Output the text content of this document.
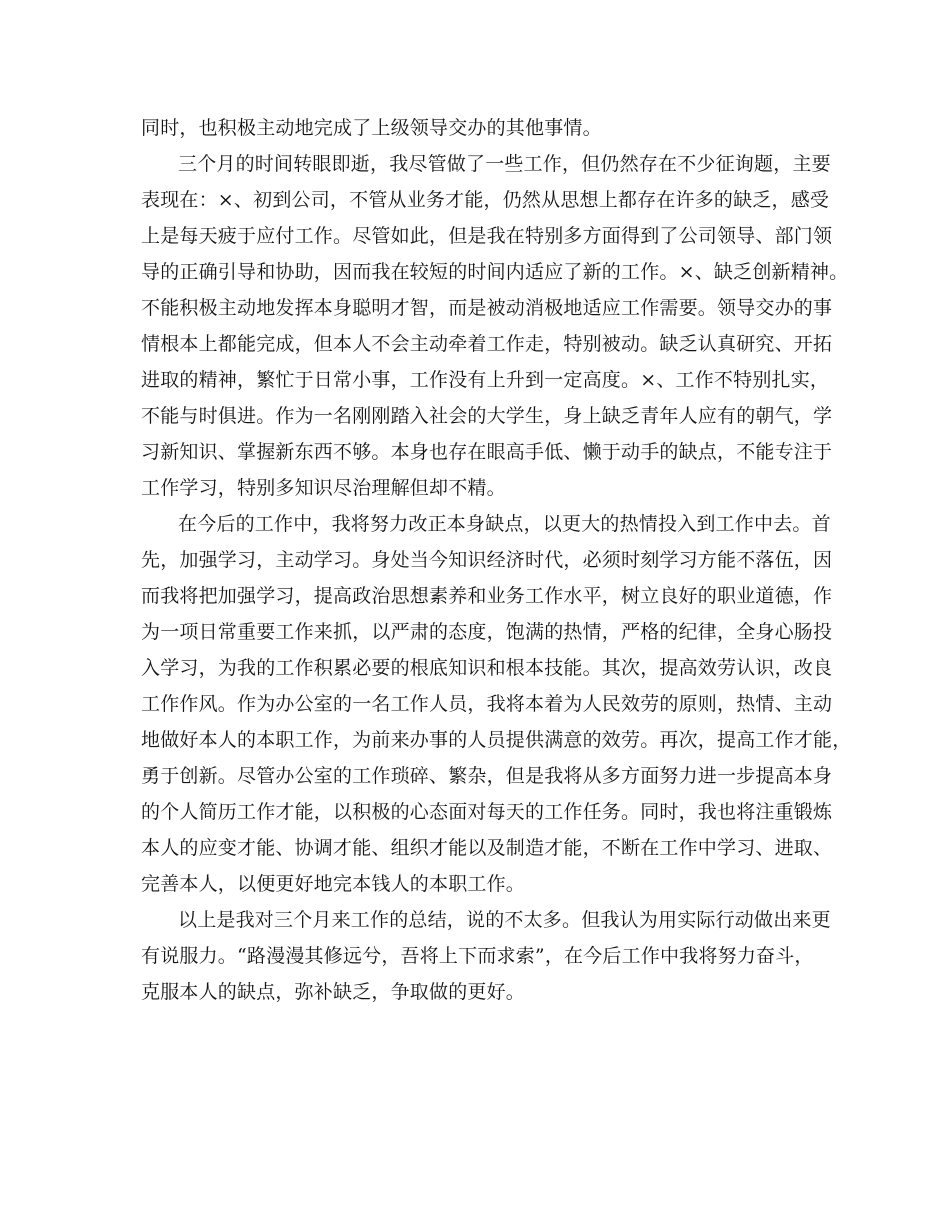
同时，也积极主动地完成了上级领导交办的其他事情。
三个月的时间转眼即逝，我尽管做了一些工作，但仍然存在不少征询题，主要
表现在：×、初到公司，不管从业务才能，仍然从思想上都存在许多的缺乏，感受
上是每天疲于应付工作。尽管如此，但是我在特别多方面得到了公司领导、部门领
导的正确引导和协助，因而我在较短的时间内适应了新的工作。×、缺乏创新精神。
不能积极主动地发挥本身聪明才智，而是被动消极地适应工作需要。领导交办的事
情根本上都能完成，但本人不会主动牵着工作走，特别被动。缺乏认真研究、开拓
进取的精神，繁忙于日常小事，工作没有上升到一定高度。×、工作不特别扎实，
不能与时俱进。作为一名刚刚踏入社会的大学生，身上缺乏青年人应有的朝气，学
习新知识、掌握新东西不够。本身也存在眼高手低、懒于动手的缺点，不能专注于
工作学习，特别多知识尽治理解但却不精。
在今后的工作中，我将努力改正本身缺点，以更大的热情投入到工作中去。首
先，加强学习，主动学习。身处当今知识经济时代，必须时刻学习方能不落伍，因
而我将把加强学习，提高政治思想素养和业务工作水平，树立良好的职业道德，作
为一项日常重要工作来抓，以严肃的态度，饱满的热情，严格的纪律，全身心肠投
入学习，为我的工作积累必要的根底知识和根本技能。其次，提高效劳认识，改良
工作作风。作为办公室的一名工作人员，我将本着为人民效劳的原则，热情、主动
地做好本人的本职工作，为前来办事的人员提供满意的效劳。再次，提高工作才能，
勇于创新。尽管办公室的工作琐碎、繁杂，但是我将从多方面努力进一步提高本身
的个人简历工作才能，以积极的心态面对每天的工作任务。同时，我也将注重锻炼
本人的应变才能、协调才能、组织才能以及制造才能，不断在工作中学习、进取、
完善本人，以便更好地完本钱人的本职工作。
以上是我对三个月来工作的总结，说的不太多。但我认为用实际行动做出来更
有说服力。“路漫漫其修远兮，吾将上下而求索”，在今后工作中我将努力奋斗，
克服本人的缺点，弥补缺乏，争取做的更好。
